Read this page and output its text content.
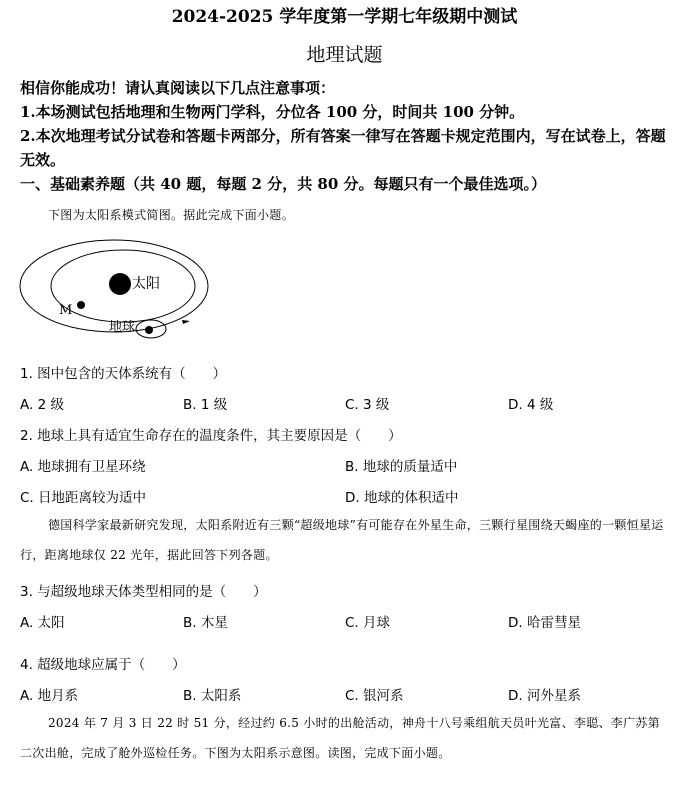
2024-2025 学年度第一学期七年级期中测试
地理试题
相信你能成功！请认真阅读以下几点注意事项：
1.本场测试包括地理和生物两门学科，分位各 100 分，时间共 100 分钟。
2.本次地理考试分试卷和答题卡两部分，所有答案一律写在答题卡规定范围内，写在试卷上，答题无效。
一、基础素养题（共 40 题，每题 2 分，共 80 分。每题只有一个最佳选项。）
下图为太阳系模式简图。据此完成下面小题。
太阳
M
地球
1. 图中包含的天体系统有（　　）
A. 2 级	B. 1 级	C. 3 级	D. 4 级
2. 地球上具有适宜生命存在的温度条件，其主要原因是（　　）
A. 地球拥有卫星环绕	B. 地球的质量适中
C. 日地距离较为适中	D. 地球的体积适中
德国科学家最新研究发现，太阳系附近有三颗“超级地球”有可能存在外星生命，三颗行星围绕天蝎座的一颗恒星运行，距离地球仅 22 光年，据此回答下列各题。
3. 与超级地球天体类型相同的是（　　）
A. 太阳	B. 木星	C. 月球	D. 哈雷彗星
4. 超级地球应属于（　　）
A. 地月系	B. 太阳系	C. 银河系	D. 河外星系
2024 年 7 月 3 日 22 时 51 分，经过约 6.5 小时的出舱活动，神舟十八号乘组航天员叶光富、李聪、李广苏第二次出舱，完成了舱外巡检任务。下图为太阳系示意图。读图，完成下面小题。
